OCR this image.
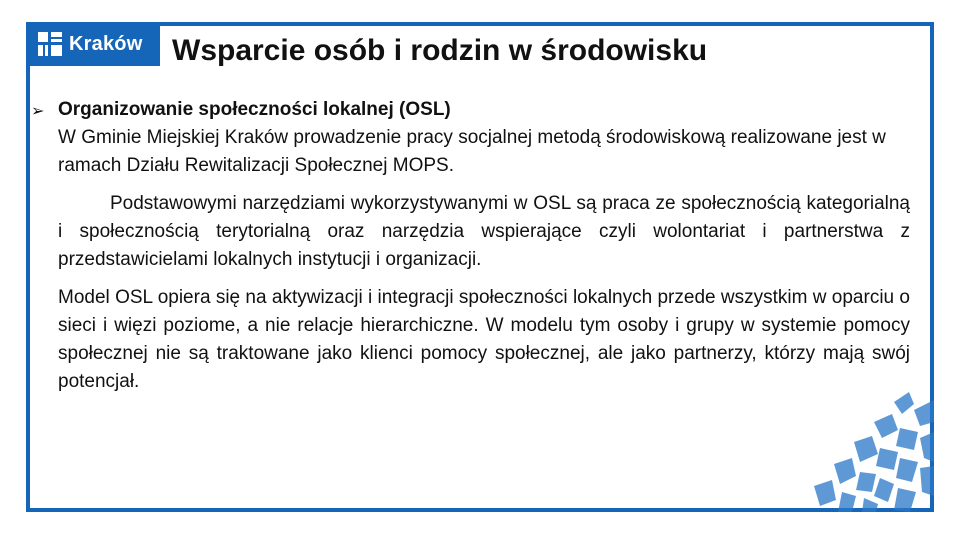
Kraków Wsparcie osób i rodzin w środowisku
➢ Organizowanie społeczności lokalnej (OSL)

W Gminie Miejskiej Kraków prowadzenie pracy socjalnej metodą środowiskową realizowane jest w ramach Działu Rewitalizacji Społecznej MOPS.

Podstawowymi narzędziami wykorzystywanymi w OSL są praca ze społecznością kategorialną i społecznością terytorialną oraz narzędzia wspierające czyli wolontariat i partnerstwa z przedstawicielami lokalnych instytucji i organizacji.

Model OSL opiera się na aktywizacji i integracji społeczności lokalnych przede wszystkim w oparciu o sieci i więzi poziome, a nie relacje hierarchiczne. W modelu tym osoby i grupy w systemie pomocy społecznej nie są traktowane jako klienci pomocy społecznej, ale jako partnerzy, którzy mają swój potencjał.
